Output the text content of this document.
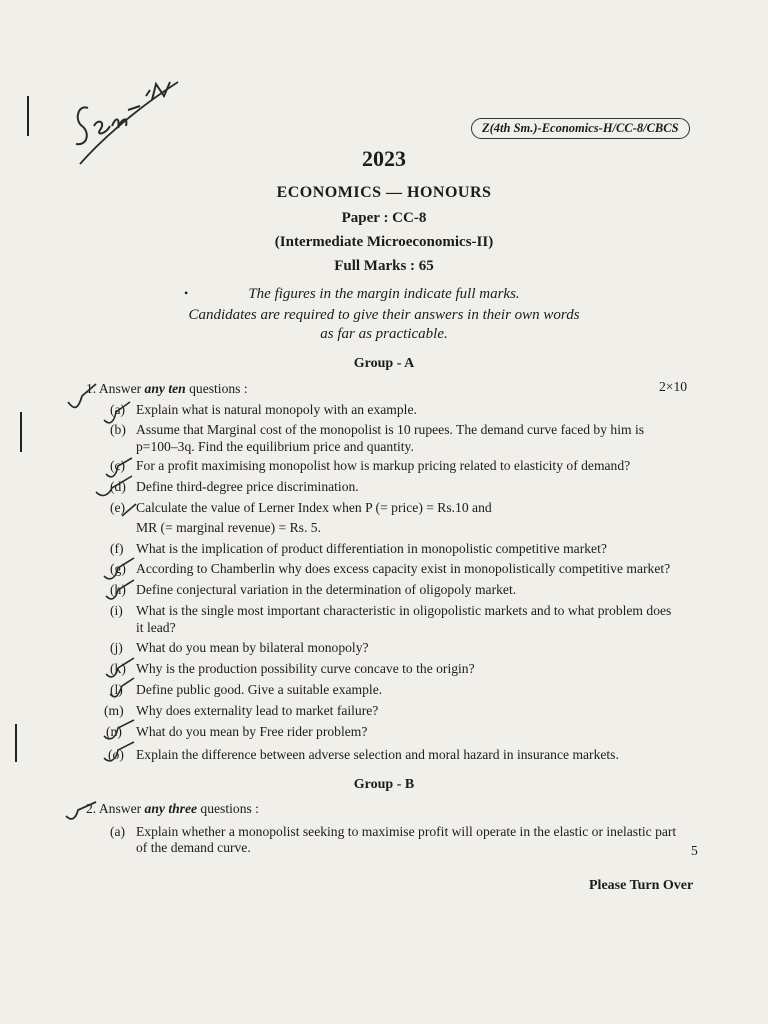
Z(4th Sm.)-Economics-H/CC-8/CBCS
2023
ECONOMICS — HONOURS
Paper : CC-8
(Intermediate Microeconomics-II)
Full Marks : 65
•	The figures in the margin indicate full marks.
Candidates are required to give their answers in their own words
as far as practicable.
Group - A
1. Answer any ten questions :	2×10
(a) Explain what is natural monopoly with an example.
(b) Assume that Marginal cost of the monopolist is 10 rupees. The demand curve faced by him is
p=100–3q. Find the equilibrium price and quantity.
(c) For a profit maximising monopolist how is markup pricing related to elasticity of demand?
(d) Define third-degree price discrimination.
(e) Calculate the value of Lerner Index when P (= price) = Rs.10 and
MR (= marginal revenue) = Rs. 5.
(f) What is the implication of product differentiation in monopolistic competitive market?
(g) According to Chamberlin why does excess capacity exist in monopolistically competitive market?
(h) Define conjectural variation in the determination of oligopoly market.
(i) What is the single most important characteristic in oligopolistic markets and to what problem does
it lead?
(j) What do you mean by bilateral monopoly?
(k) Why is the production possibility curve concave to the origin?
(l) Define public good. Give a suitable example.
(m) Why does externality lead to market failure?
(n) What do you mean by Free rider problem?
(o) Explain the difference between adverse selection and moral hazard in insurance markets.
Group - B
2. Answer any three questions :
(a) Explain whether a monopolist seeking to maximise profit will operate in the elastic or inelastic part
of the demand curve.	5
Please Turn Over
